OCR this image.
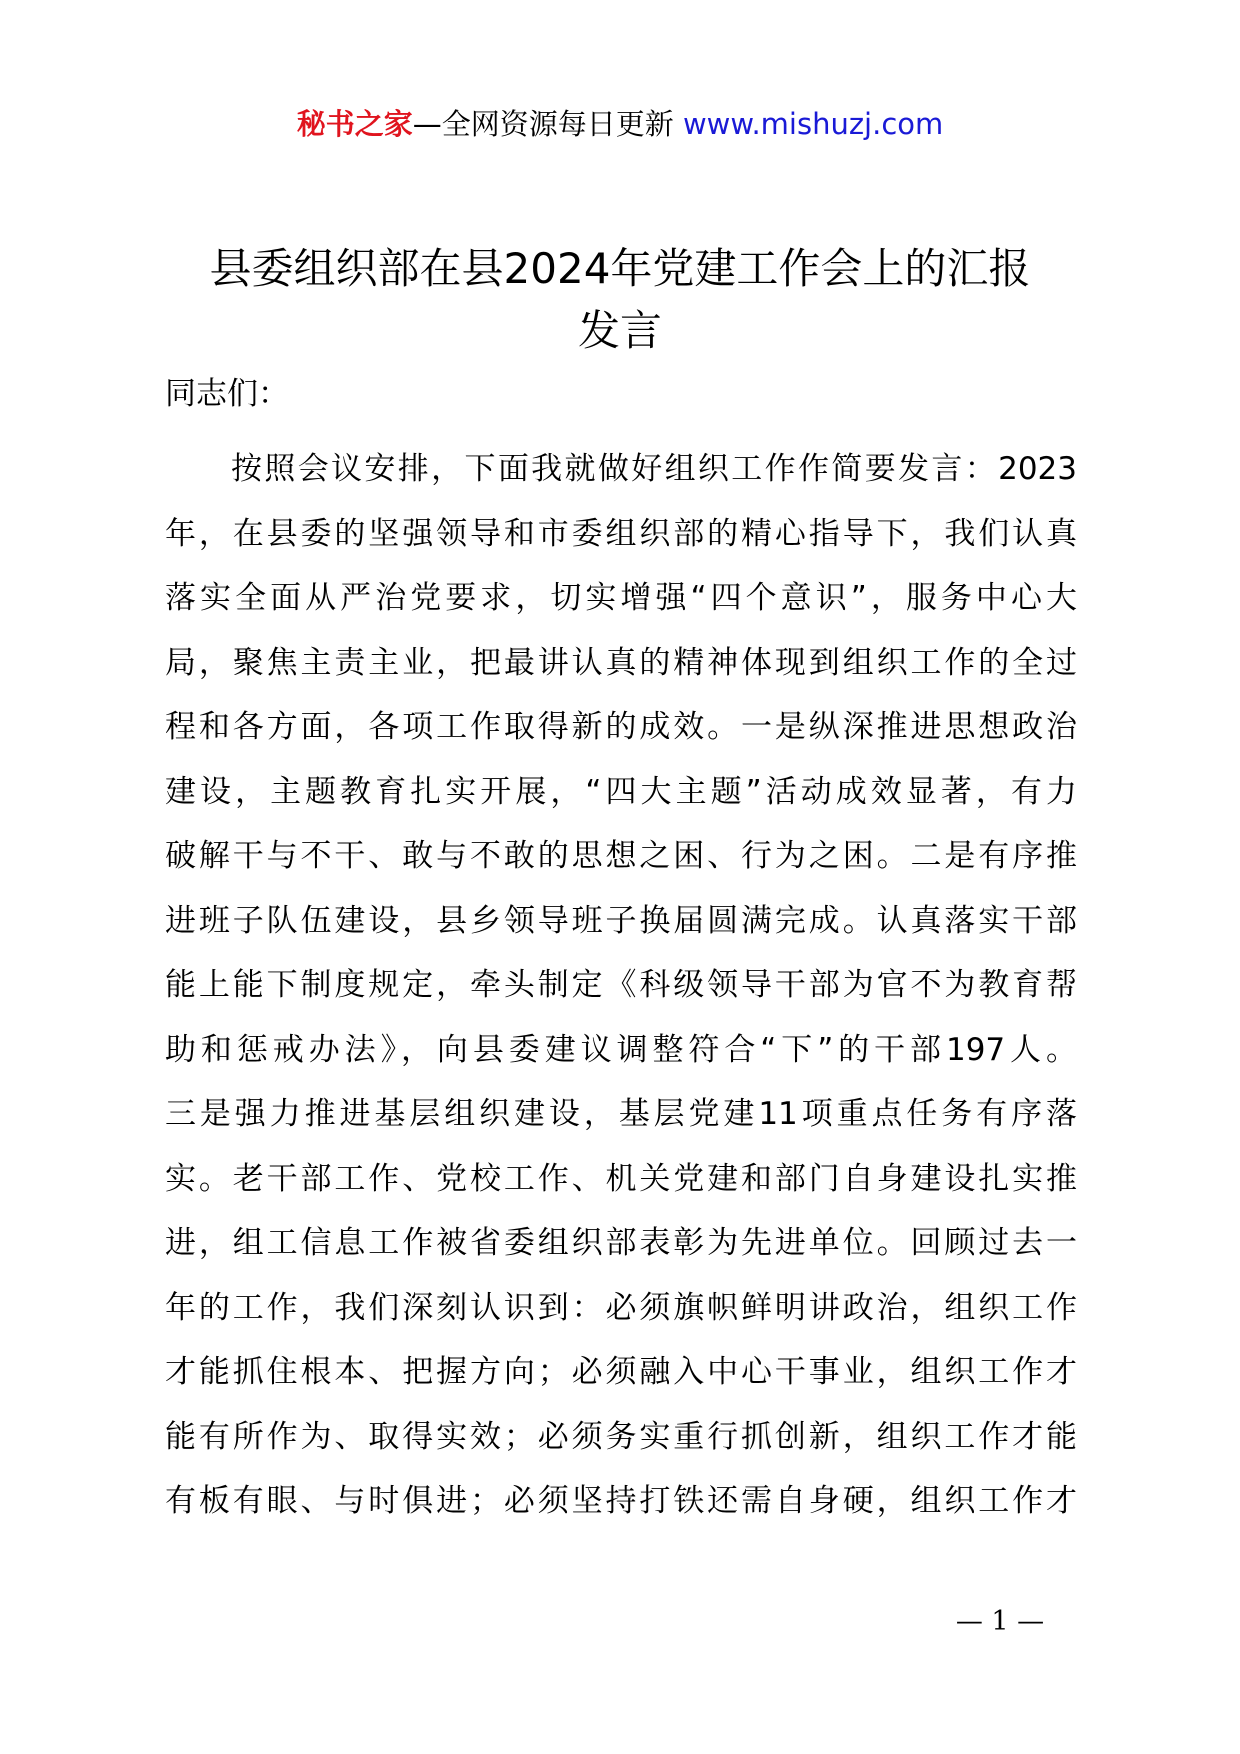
秘书之家—全网资源每日更新 www.mishuzj.com
县委组织部在县2024年党建工作会上的汇报
发言

同志们：

按照会议安排，下面我就做好组织工作作简要发言：2023
年，在县委的坚强领导和市委组织部的精心指导下，我们认真
落实全面从严治党要求，切实增强“四个意识”，服务中心大
局，聚焦主责主业，把最讲认真的精神体现到组织工作的全过
程和各方面，各项工作取得新的成效。一是纵深推进思想政治
建设，主题教育扎实开展，“四大主题”活动成效显著，有力
破解干与不干、敢与不敢的思想之困、行为之困。二是有序推
进班子队伍建设，县乡领导班子换届圆满完成。认真落实干部
能上能下制度规定，牵头制定《科级领导干部为官不为教育帮
助和惩戒办法》，向县委建议调整符合“下”的干部197人。
三是强力推进基层组织建设，基层党建11项重点任务有序落
实。老干部工作、党校工作、机关党建和部门自身建设扎实推
进，组工信息工作被省委组织部表彰为先进单位。回顾过去一
年的工作，我们深刻认识到：必须旗帜鲜明讲政治，组织工作
才能抓住根本、把握方向；必须融入中心干事业，组织工作才
能有所作为、取得实效；必须务实重行抓创新，组织工作才能
有板有眼、与时俱进；必须坚持打铁还需自身硬，组织工作才
— 1 —
